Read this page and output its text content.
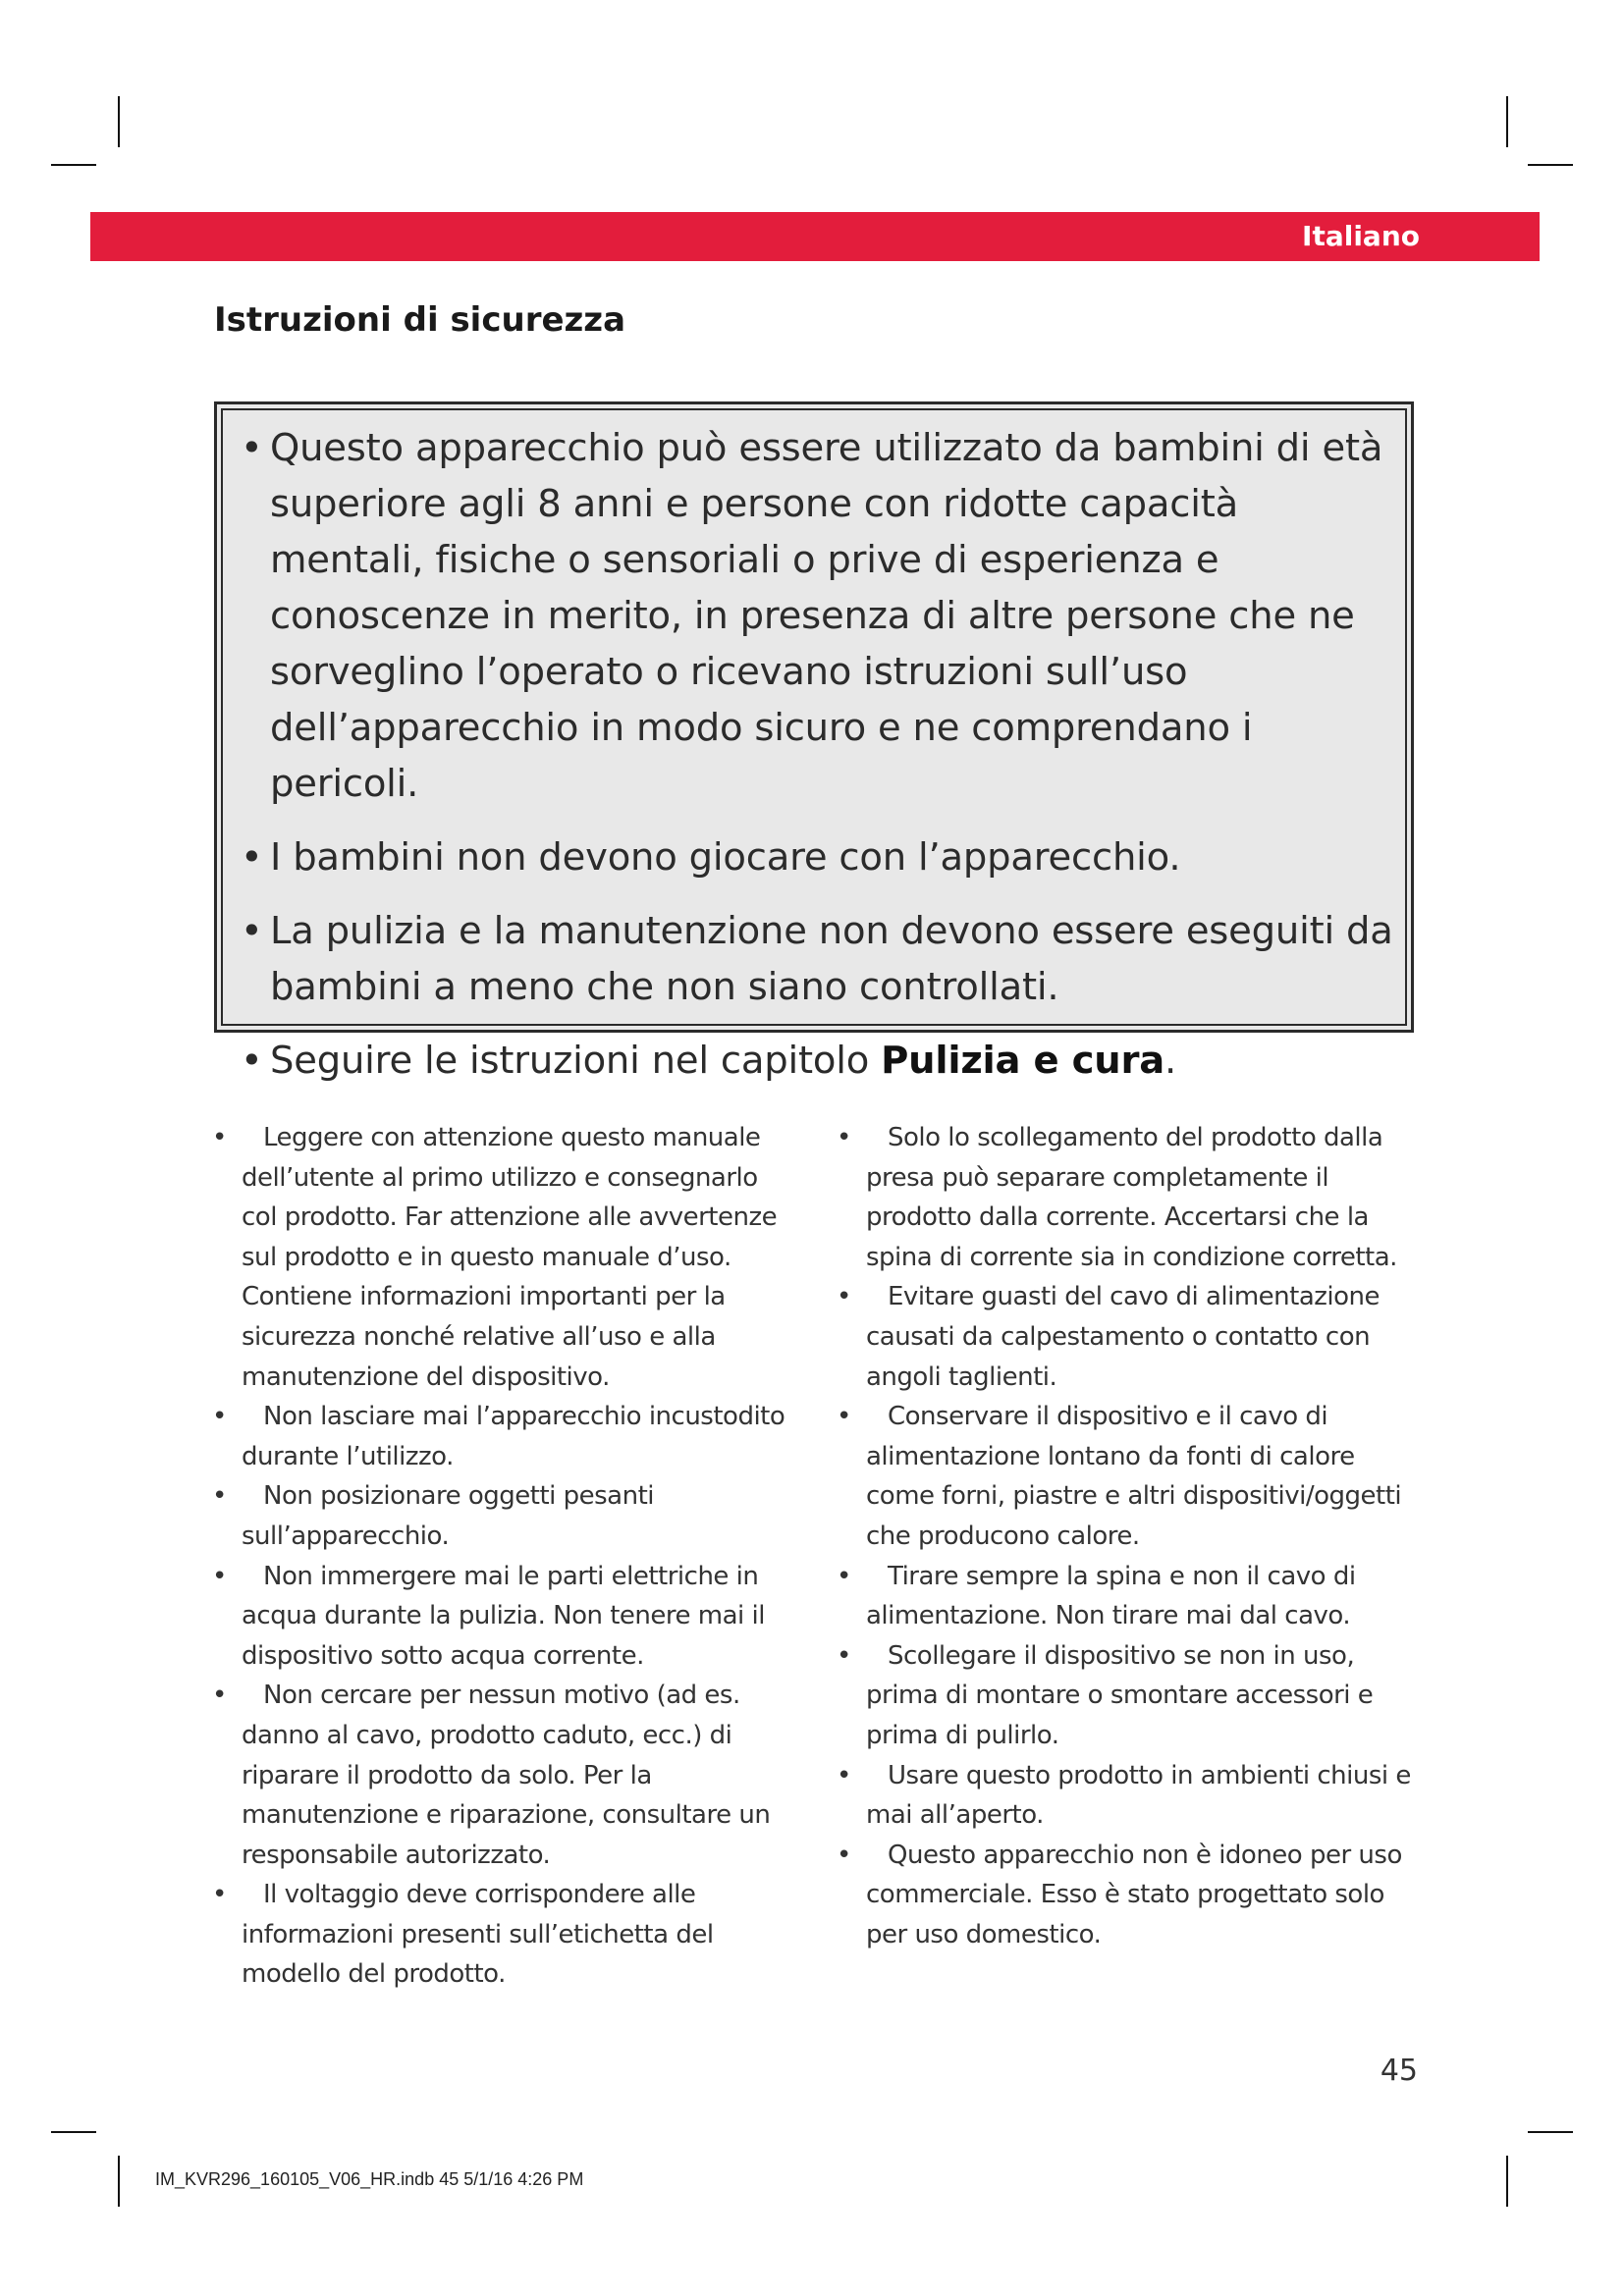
Italiano
Istruzioni di sicurezza
• Questo apparecchio può essere utilizzato da bambini di età superiore agli 8 anni e persone con ridotte capacità mentali, fisiche o sensoriali o prive di esperienza e conoscenze in merito, in presenza di altre persone che ne sorveglino l’operato o ricevano istruzioni sull’uso dell’apparecchio in modo sicuro e ne comprendano i pericoli.
• I bambini non devono giocare con l’apparecchio.
• La pulizia e la manutenzione non devono essere eseguiti da bambini a meno che non siano controllati.
• Seguire le istruzioni nel capitolo Pulizia e cura.
• Leggere con attenzione questo manuale dell’utente al primo utilizzo e consegnarlo col prodotto. Far attenzione alle avvertenze sul prodotto e in questo manuale d’uso. Contiene informazioni importanti per la sicurezza nonché relative all’uso e alla manutenzione del dispositivo.
• Non lasciare mai l’apparecchio incustodito durante l’utilizzo.
• Non posizionare oggetti pesanti sull’apparecchio.
• Non immergere mai le parti elettriche in acqua durante la pulizia. Non tenere mai il dispositivo sotto acqua corrente.
• Non cercare per nessun motivo (ad es. danno al cavo, prodotto caduto, ecc.) di riparare il prodotto da solo. Per la manutenzione e riparazione, consultare un responsabile autorizzato.
• Il voltaggio deve corrispondere alle informazioni presenti sull’etichetta del modello del prodotto.
• Solo lo scollegamento del prodotto dalla presa può separare completamente il prodotto dalla corrente. Accertarsi che la spina di corrente sia in condizione corretta.
• Evitare guasti del cavo di alimentazione causati da calpestamento o contatto con angoli taglienti.
• Conservare il dispositivo e il cavo di alimentazione lontano da fonti di calore come forni, piastre e altri dispositivi/oggetti che producono calore.
• Tirare sempre la spina e non il cavo di alimentazione. Non tirare mai dal cavo.
• Scollegare il dispositivo se non in uso, prima di montare o smontare accessori e prima di pulirlo.
• Usare questo prodotto in ambienti chiusi e mai all’aperto.
• Questo apparecchio non è idoneo per uso commerciale. Esso è stato progettato solo per uso domestico.
45
IM_KVR296_160105_V06_HR.indb 45 5/1/16 4:26 PM
